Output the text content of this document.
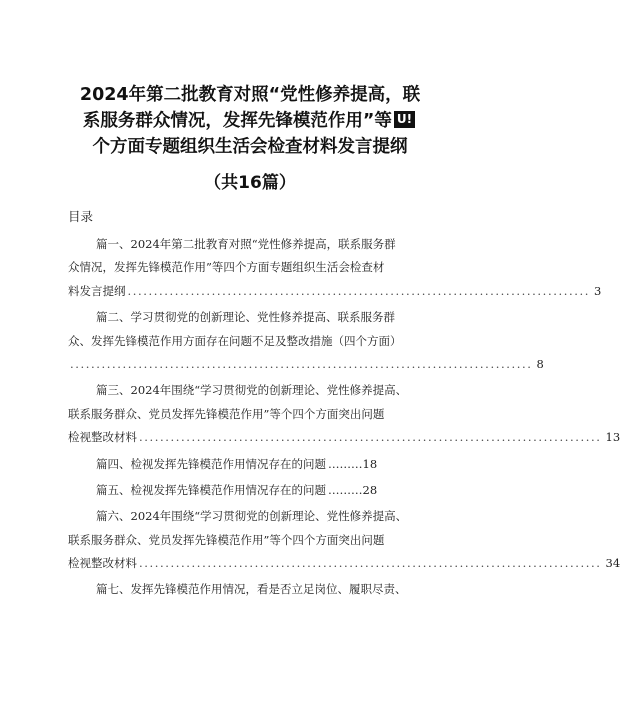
2024年第二批教育对照“党性修养提高，联
系服务群众情况，发挥先锋模范作用”等 U!
个方面专题组织生活会检查材料发言提纲
（共16篇）
目录
篇一、2024年第二批教育对照“党性修养提高，联系服务群
众情况，发挥先锋模范作用”等四个方面专题组织生活会检查材
料发言提纲 ........................................................................................ 3
篇二、学习贯彻党的创新理论、党性修养提高、联系服务群
众、发挥先锋模范作用方面存在问题不足及整改措施（四个方面）
........................................................................................ 8
篇三、2024年围绕“学习贯彻党的创新理论、党性修养提高、
联系服务群众、党员发挥先锋模范作用”等个四个方面突出问题
检视整改材料 ........................................................................................ 13
篇四、检视发挥先锋模范作用情况存在的问题 ……… 18
篇五、检视发挥先锋模范作用情况存在的问题 ……… 28
篇六、2024年围绕“学习贯彻党的创新理论、党性修养提高、
联系服务群众、党员发挥先锋模范作用”等个四个方面突出问题
检视整改材料 ........................................................................................ 34
篇七、发挥先锋模范作用情况，看是否立足岗位、履职尽责、
